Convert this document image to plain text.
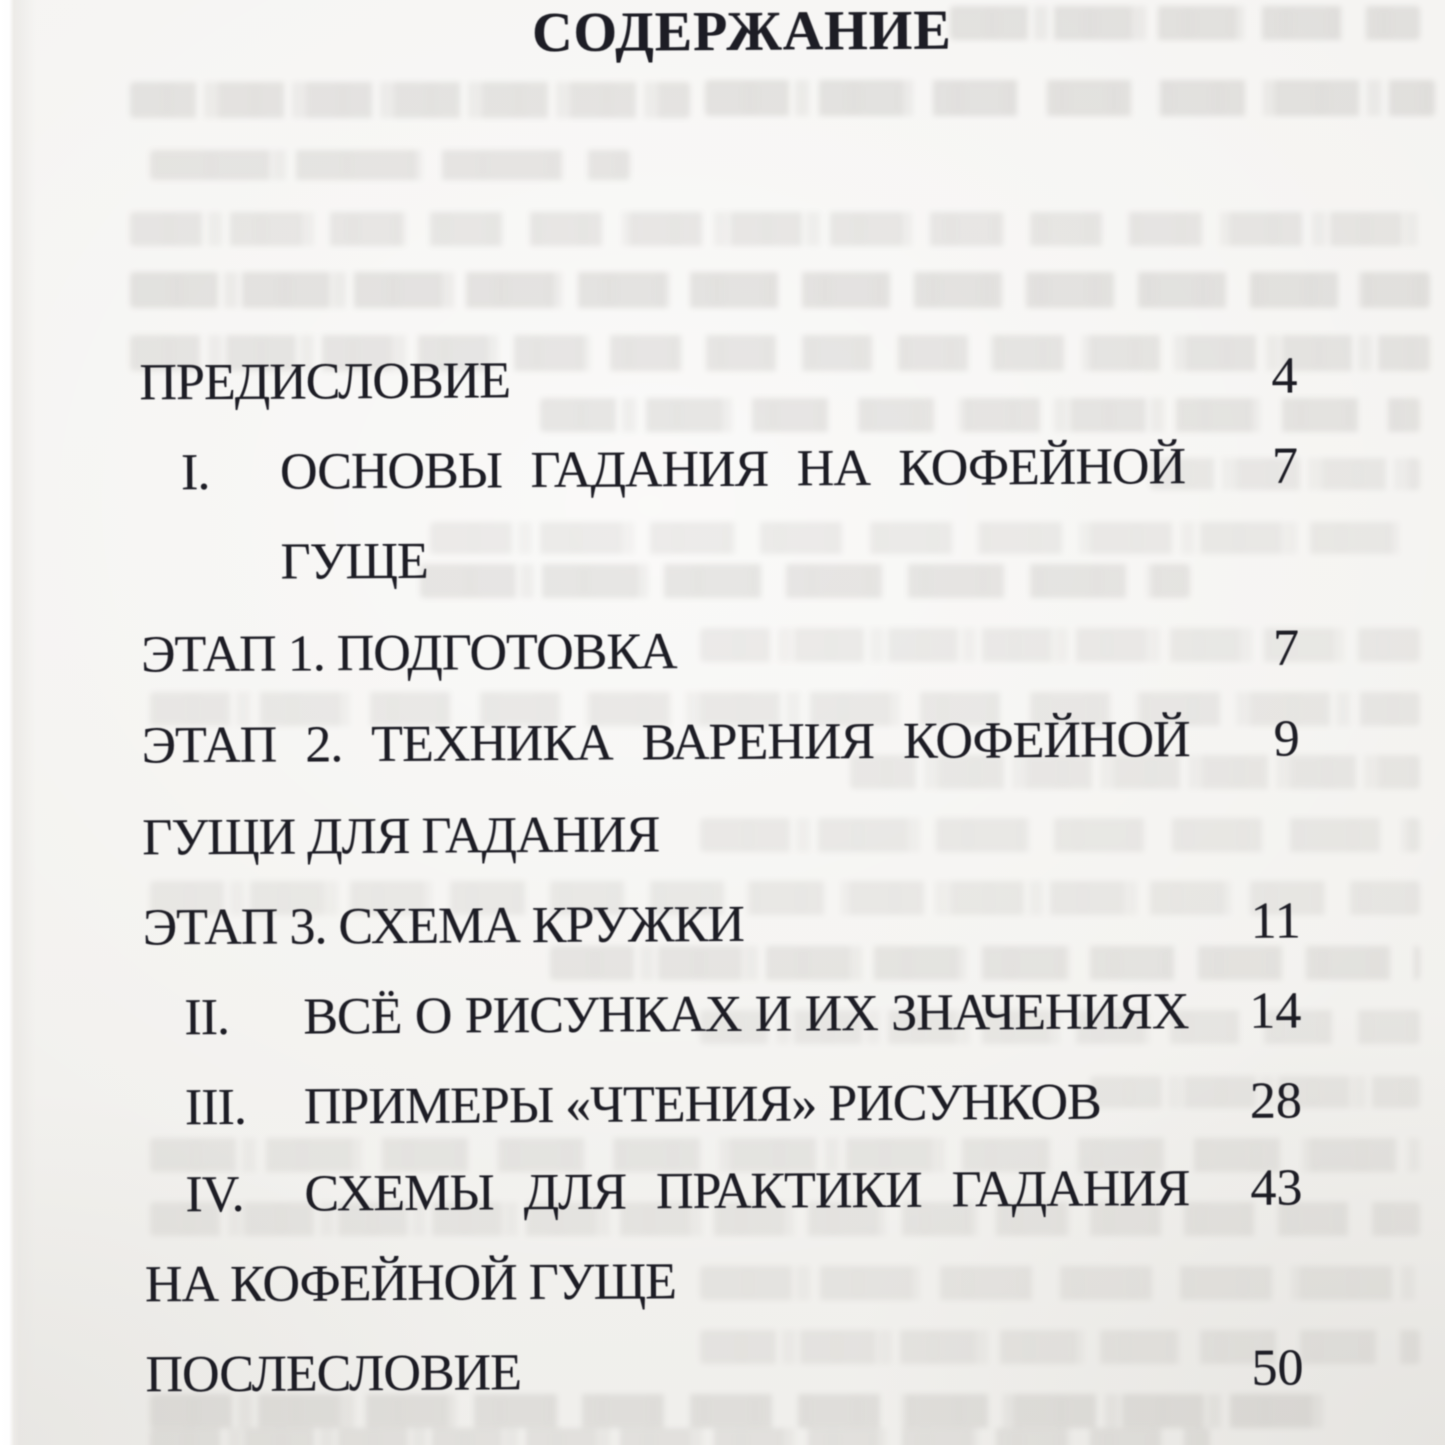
СОДЕРЖАНИЕ
ПРЕДИСЛОВИЕ	4
I. ОСНОВЫ ГАДАНИЯ НА КОФЕЙНОЙ	7
ГУЩЕ
ЭТАП 1. ПОДГОТОВКА	7
ЭТАП 2. ТЕХНИКА ВАРЕНИЯ КОФЕЙНОЙ	9
ГУЩИ ДЛЯ ГАДАНИЯ
ЭТАП 3. СХЕМА КРУЖКИ	11
II. ВСЁ О РИСУНКАХ И ИХ ЗНАЧЕНИЯХ	14
III. ПРИМЕРЫ «ЧТЕНИЯ» РИСУНКОВ	28
IV. СХЕМЫ ДЛЯ ПРАКТИКИ ГАДАНИЯ	43
НА КОФЕЙНОЙ ГУЩЕ
ПОСЛЕСЛОВИЕ	50
